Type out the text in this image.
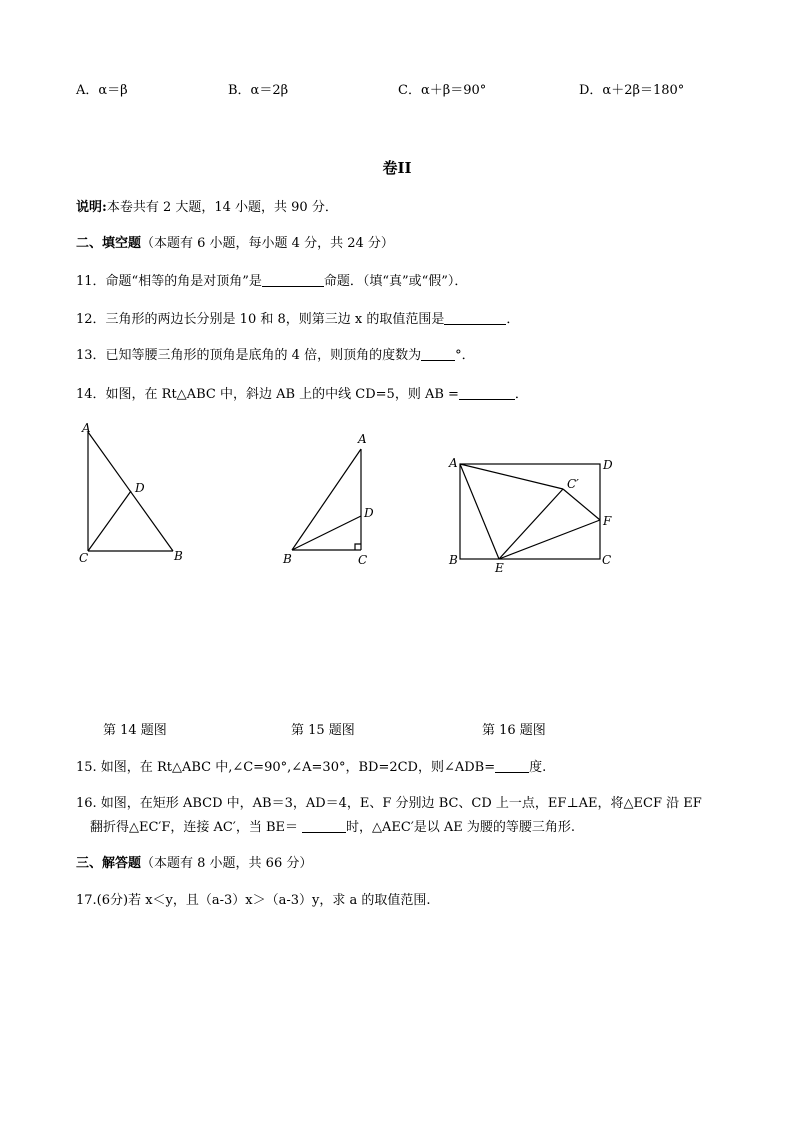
A．α＝β	B．α＝2β	C．α＋β＝90°	D．α＋2β＝180°
卷II
说明:本卷共有 2 大题，14 小题，共 90 分．
二、填空题（本题有 6 小题，每小题 4 分，共 24 分）
11．命题“相等的角是对顶角”是	命题．（填“真”或“假”）．
12．三角形的两边长分别是 10 和 8，则第三边 x 的取值范围是	．
13．已知等腰三角形的顶角是底角的 4 倍，则顶角的度数为	°．
14．如图，在 Rt△ABC 中，斜边 AB 上的中线 CD=5，则 AB =	．
A
D
C	B
A
D
B	C
A	D
C′
F
B
E
C
第 14 题图	第 15 题图	第 16 题图
15. 如图，在 Rt△ABC 中,∠C=90°,∠A=30°，BD=2CD，则∠ADB=	度.
16. 如图，在矩形 ABCD 中，AB＝3，AD＝4，E、F 分别边 BC、CD 上一点，EF⊥AE，将△ECF 沿 EF
翻折得△EC′F，连接 AC′，当 BE＝	时，△AEC′是以 AE 为腰的等腰三角形.
三、解答题（本题有 8 小题，共 66 分）
17.(6分)若 x＜y，且（a-3）x＞（a-3）y，求 a 的取值范围.
